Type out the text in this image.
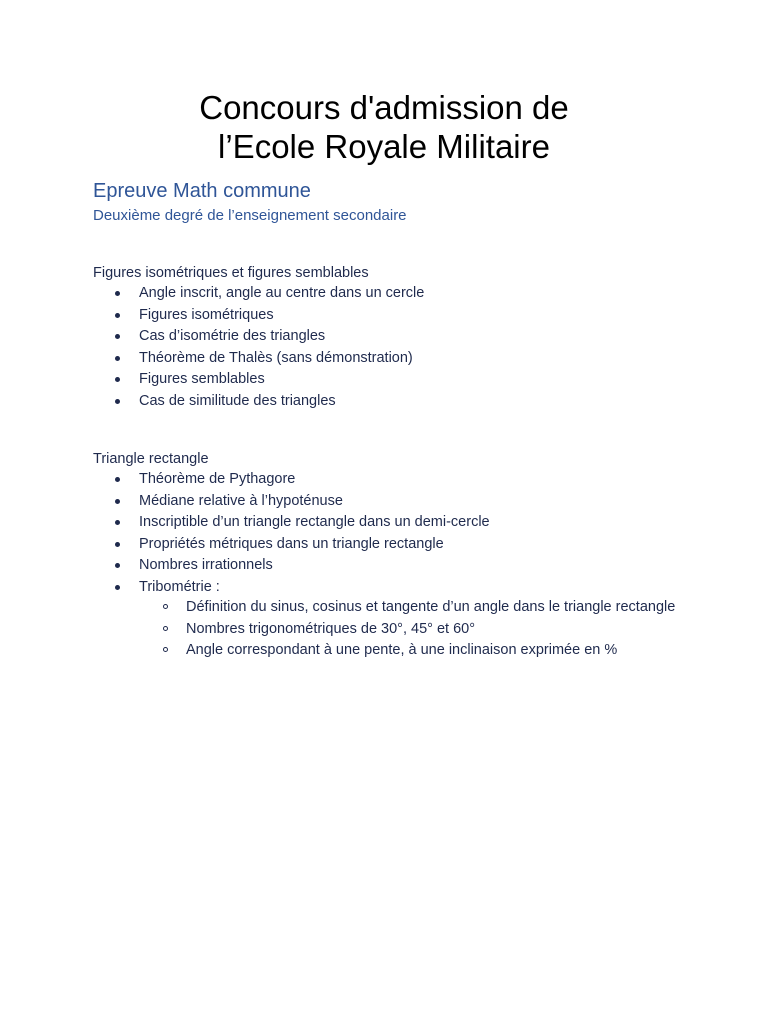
Concours d'admission de
l’Ecole Royale Militaire
Epreuve Math commune

Deuxième degré de l’enseignement secondaire

Figures isométriques et figures semblables

Angle inscrit, angle au centre dans un cercle
Figures isométriques
Cas d’isométrie des triangles
Théorème de Thalès (sans démonstration)
Figures semblables
Cas de similitude des triangles

Triangle rectangle

Théorème de Pythagore
Médiane relative à l’hypoténuse
Inscriptible d’un triangle rectangle dans un demi-cercle
Propriétés métriques dans un triangle rectangle
Nombres irrationnels
Tribométrie :
Définition du sinus, cosinus et tangente d’un angle dans le triangle rectangle
Nombres trigonométriques de 30°, 45° et 60°
Angle correspondant à une pente, à une inclinaison exprimée en %
